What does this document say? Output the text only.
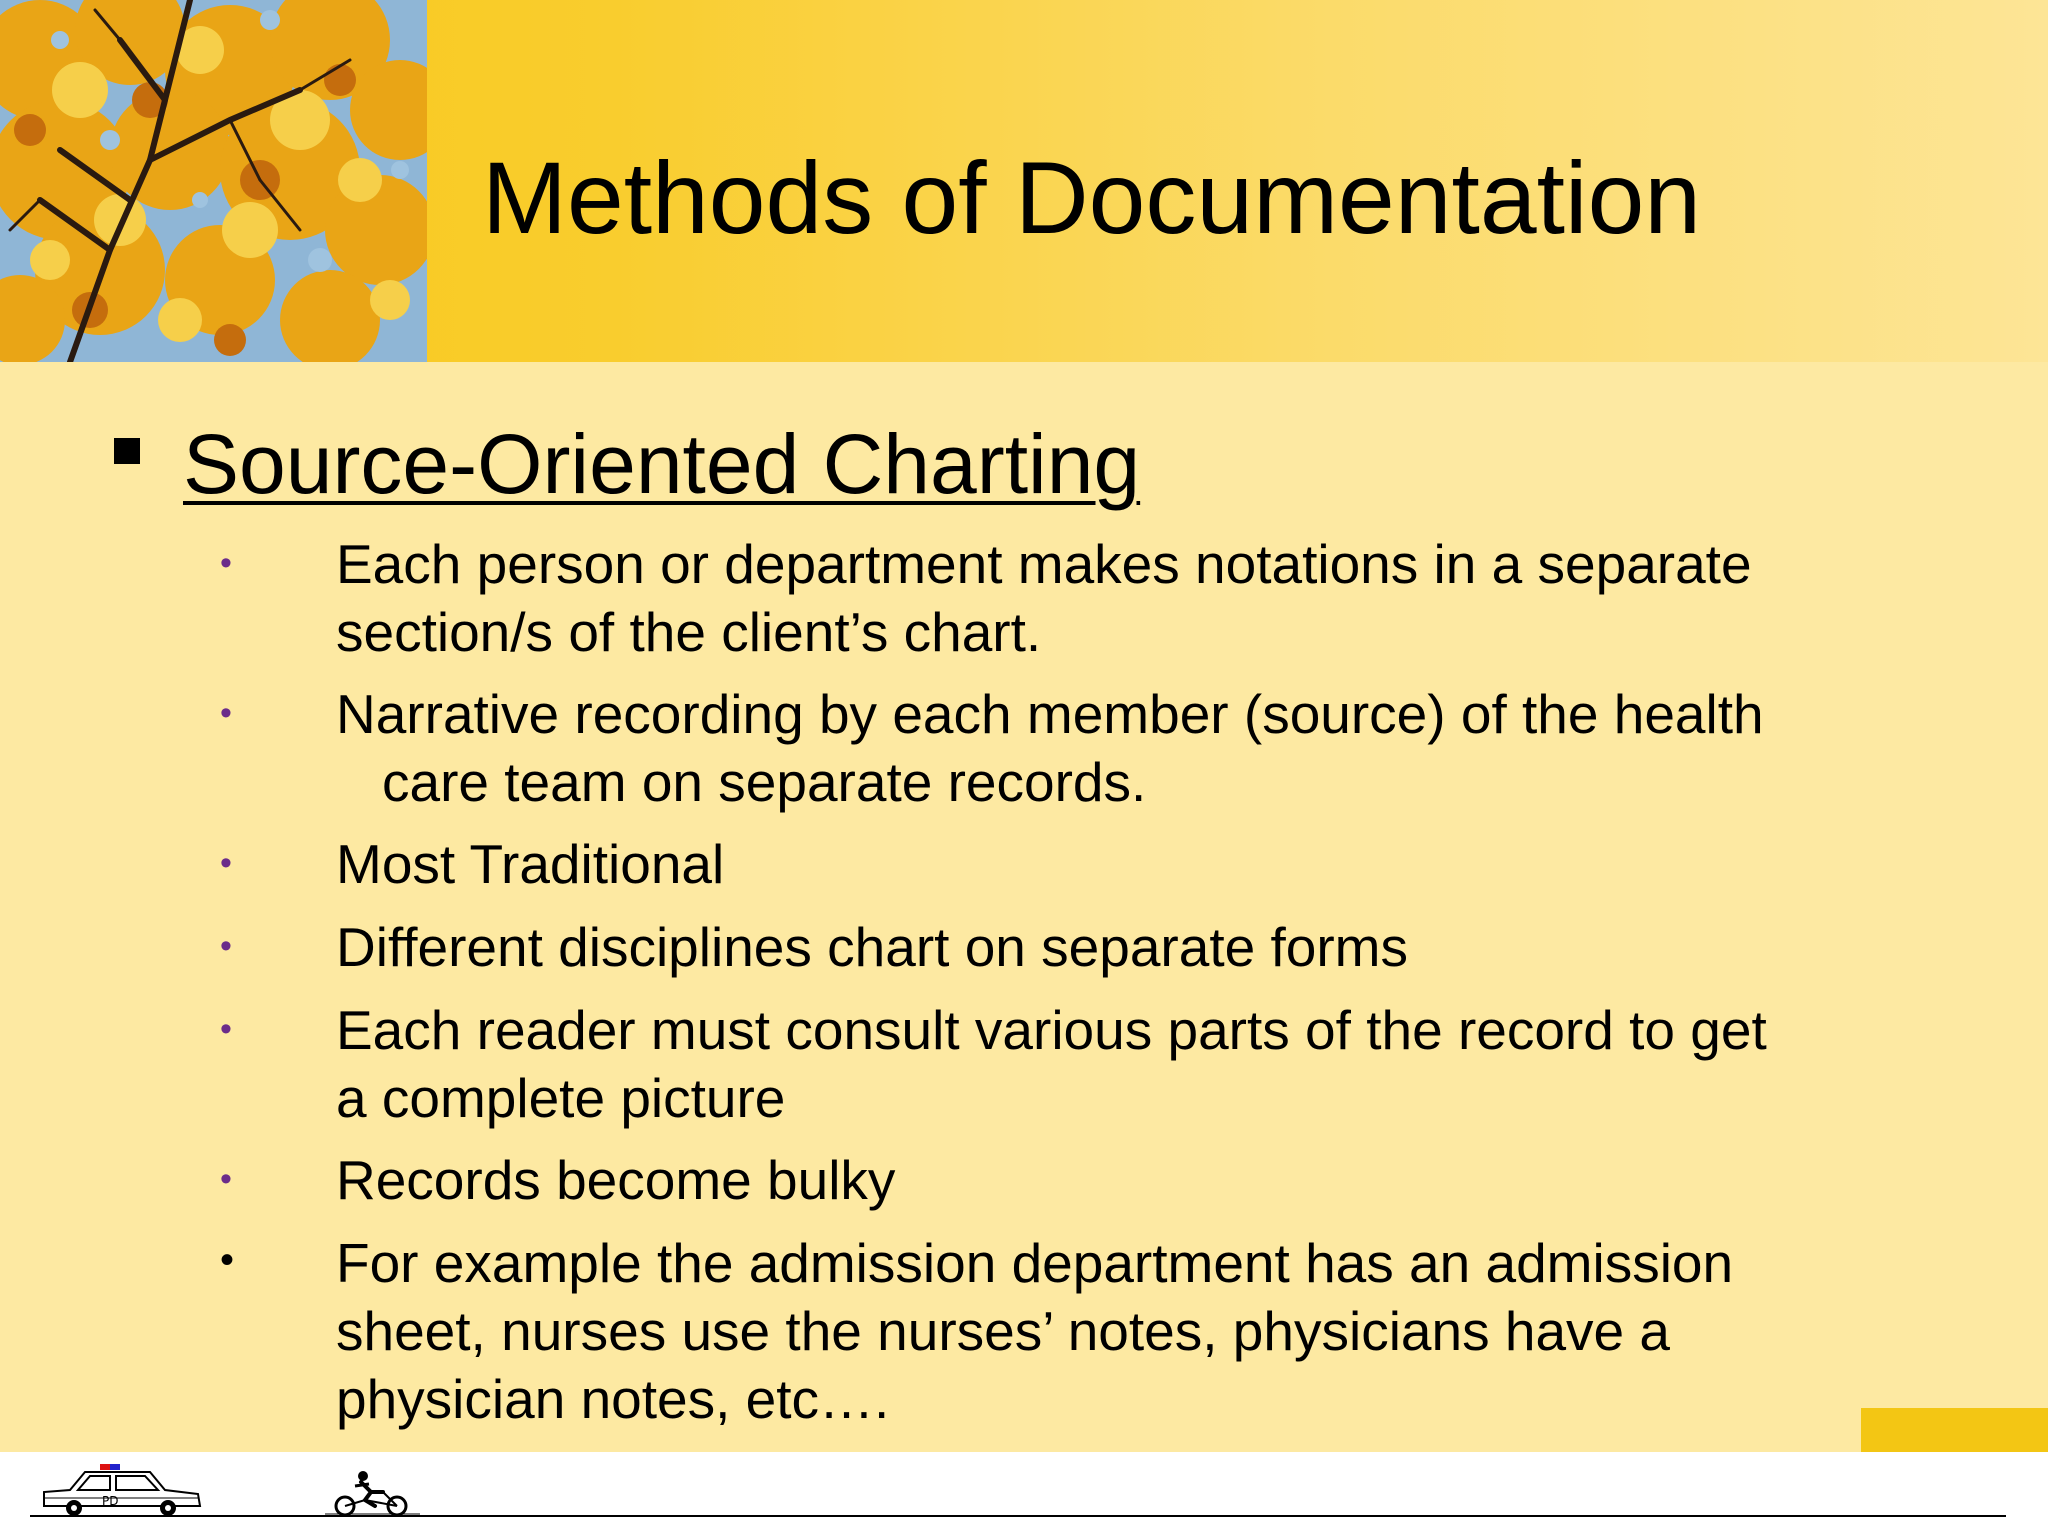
Methods of Documentation
Source-Oriented Charting
• Each person or department makes notations in a separate
section/s of the client’s chart.
• Narrative recording by each member (source) of the health
care team on separate records.
• Most Traditional
• Different disciplines chart on separate forms
• Each reader must consult various parts of the record to get
a complete picture
• Records become bulky
• For example the admission department has an admission
sheet, nurses use the nurses’ notes, physicians have a
physician notes, etc….
PD
